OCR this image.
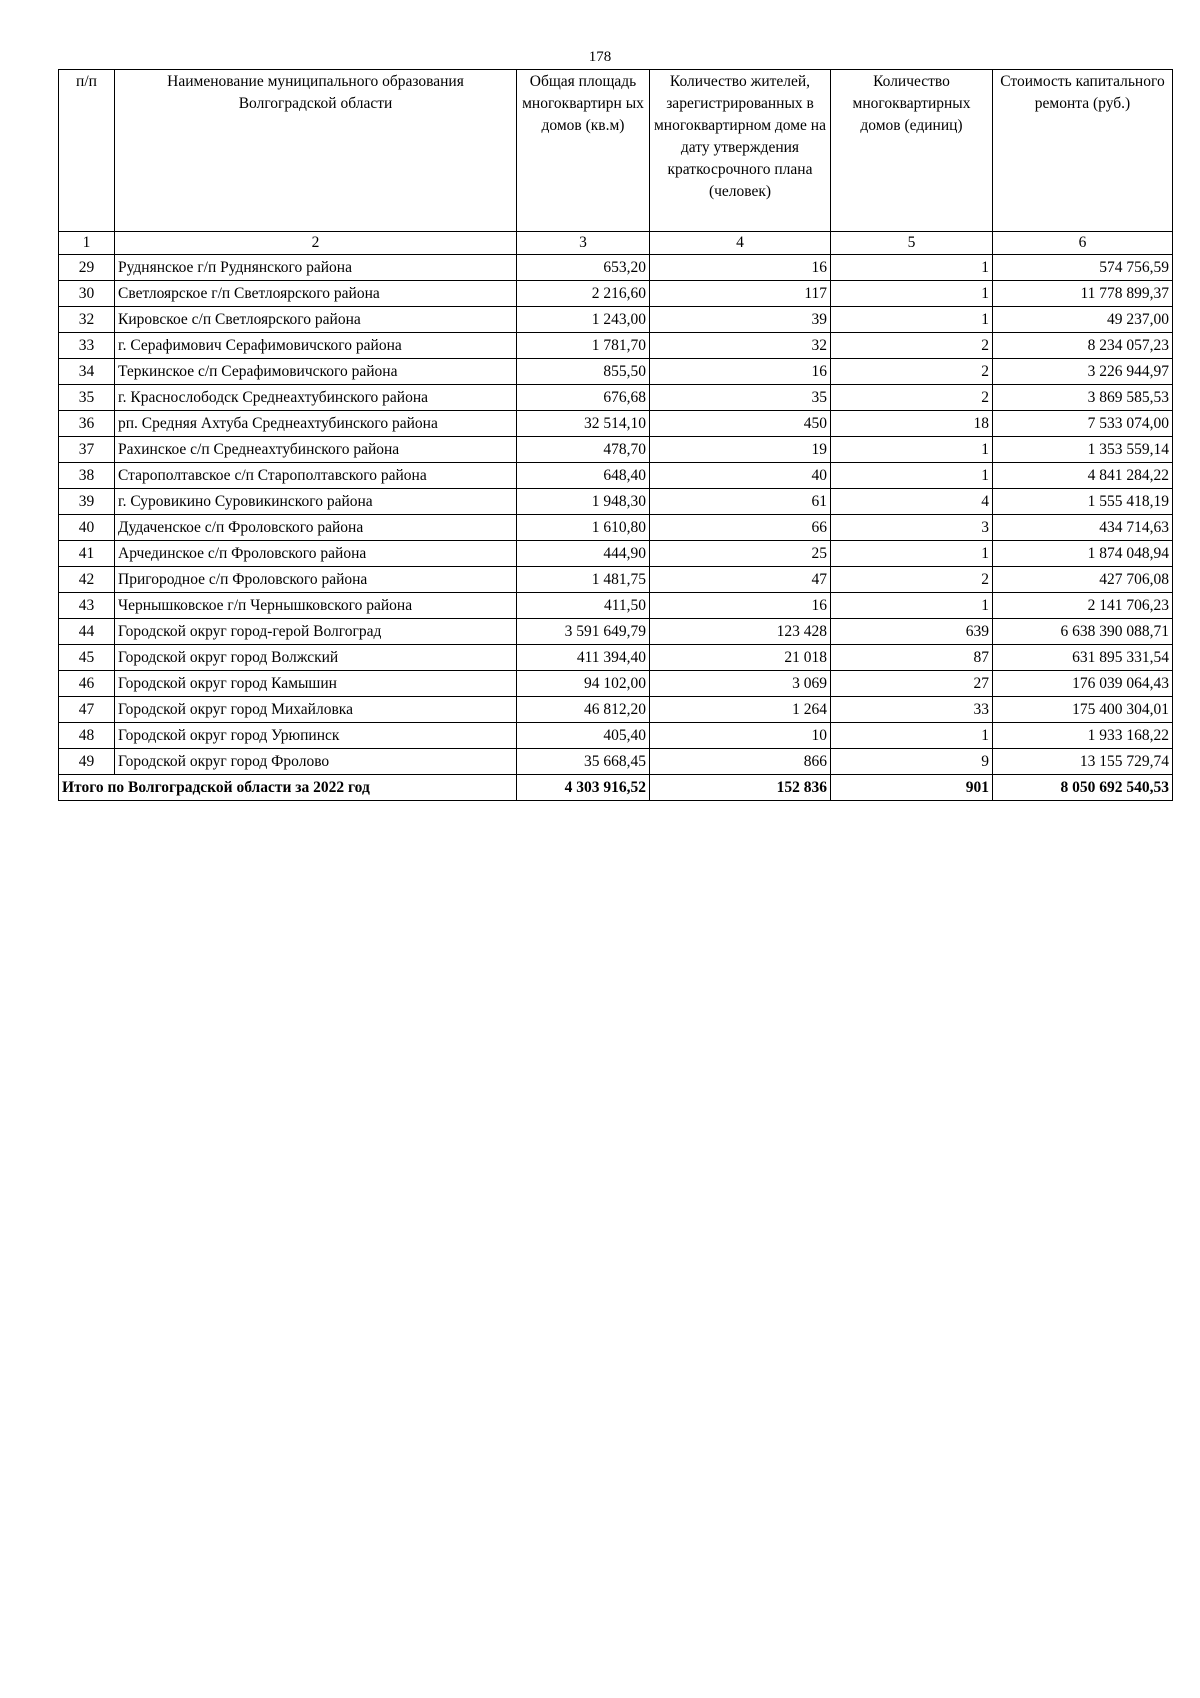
178
п/п	Наименование муниципального образования Волгоградской области	Общая площадь многоквартирн ых домов (кв.м)	Количество жителей, зарегистрированных в многоквартирном доме на дату утверждения краткосрочного плана (человек)	Количество многоквартирных домов (единиц)	Стоимость капитального ремонта (руб.)
1	2	3	4	5	6
29	Руднянское г/п Руднянского района	653,20	16	1	574 756,59
30	Светлоярское г/п Светлоярского района	2 216,60	117	1	11 778 899,37
32	Кировское с/п Светлоярского района	1 243,00	39	1	49 237,00
33	г. Серафимович Серафимовичского района	1 781,70	32	2	8 234 057,23
34	Теркинское с/п Серафимовичского района	855,50	16	2	3 226 944,97
35	г. Краснослободск Среднеахтубинского района	676,68	35	2	3 869 585,53
36	рп. Средняя Ахтуба Среднеахтубинского района	32 514,10	450	18	7 533 074,00
37	Рахинское с/п Среднеахтубинского района	478,70	19	1	1 353 559,14
38	Старополтавское с/п Старополтавского района	648,40	40	1	4 841 284,22
39	г. Суровикино Суровикинского района	1 948,30	61	4	1 555 418,19
40	Дудаченское с/п Фроловского района	1 610,80	66	3	434 714,63
41	Арчединское с/п Фроловского района	444,90	25	1	1 874 048,94
42	Пригородное с/п Фроловского района	1 481,75	47	2	427 706,08
43	Чернышковское г/п Чернышковского района	411,50	16	1	2 141 706,23
44	Городской округ город-герой Волгоград	3 591 649,79	123 428	639	6 638 390 088,71
45	Городской округ город Волжский	411 394,40	21 018	87	631 895 331,54
46	Городской округ город Камышин	94 102,00	3 069	27	176 039 064,43
47	Городской округ город Михайловка	46 812,20	1 264	33	175 400 304,01
48	Городской округ город Урюпинск	405,40	10	1	1 933 168,22
49	Городской округ город Фролово	35 668,45	866	9	13 155 729,74
Итого по Волгоградской области за 2022 год		4 303 916,52	152 836	901	8 050 692 540,53
